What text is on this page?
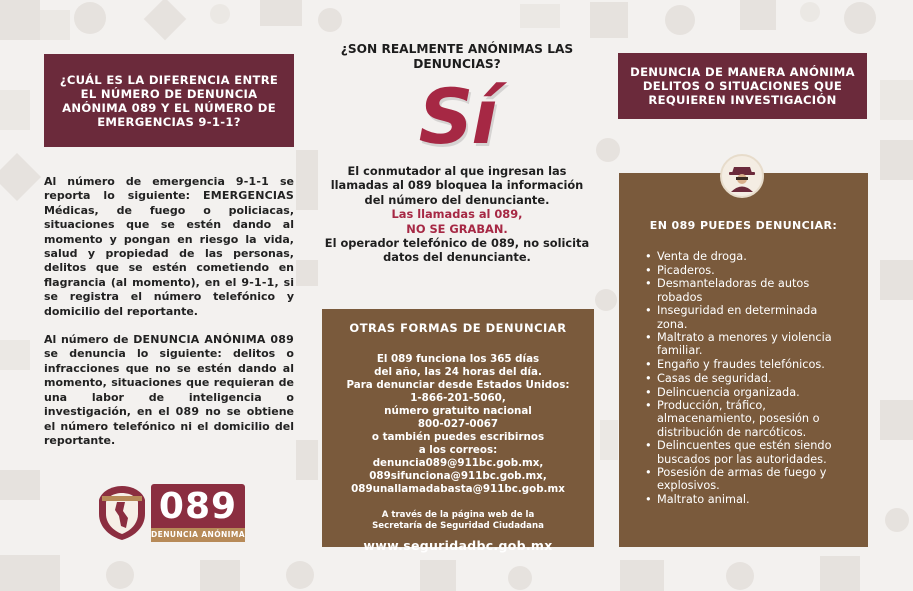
¿CUÁL ES LA DIFERENCIA ENTRE EL NÚMERO DE DENUNCIA ANÓNIMA 089 Y EL NÚMERO DE EMERGENCIAS 9-1-1?
Al número de emergencia 9-1-1 se reporta lo siguiente: EMERGENCIAS Médicas, de fuego o policiacas, situaciones que se estén dando al momento y pongan en riesgo la vida, salud y propiedad de las personas, delitos que se estén cometiendo en flagrancia (al momento), en el 9-1-1, si se registra el número telefónico y domicilio del reportante.
Al número de DENUNCIA ANÓNIMA 089 se denuncia lo siguiente: delitos o infracciones que no se estén dando al momento, situaciones que requieran de una labor de inteligencia o investigación, en el 089 no se obtiene el número telefónico ni el domicilio del reportante.
089
DENUNCIA ANÓNIMA
¿SON REALMENTE ANÓNIMAS LAS DENUNCIAS?
Sí
El conmutador al que ingresan las llamadas al 089 bloquea la información del número del denunciante.
Las llamadas al 089,
NO SE GRABAN.
El operador telefónico de 089, no solicita datos del denunciante.
OTRAS FORMAS DE DENUNCIAR
El 089 funciona los 365 días
del año, las 24 horas del día.
Para denunciar desde Estados Unidos:
1-866-201-5060,
número gratuito nacional
800-027-0067
o también puedes escribirnos
a los correos:
denuncia089@911bc.gob.mx,
089sifunciona@911bc.gob.mx,
089unallamadabasta@911bc.gob.mx
A través de la página web de la
Secretaría de Seguridad Ciudadana
www.seguridadbc.gob.mx
DENUNCIA DE MANERA ANÓNIMA DELITOS O SITUACIONES QUE REQUIEREN INVESTIGACIÓN
EN 089 PUEDES DENUNCIAR:
• Venta de droga.
• Picaderos.
• Desmanteladoras de autos robados
• Inseguridad en determinada zona.
• Maltrato a menores y violencia familiar.
• Engaño y fraudes telefónicos.
• Casas de seguridad.
• Delincuencia organizada.
• Producción, tráfico, almacenamiento, posesión o distribución de narcóticos.
• Delincuentes que estén siendo buscados por las autoridades.
• Posesión de armas de fuego y explosivos.
• Maltrato animal.
